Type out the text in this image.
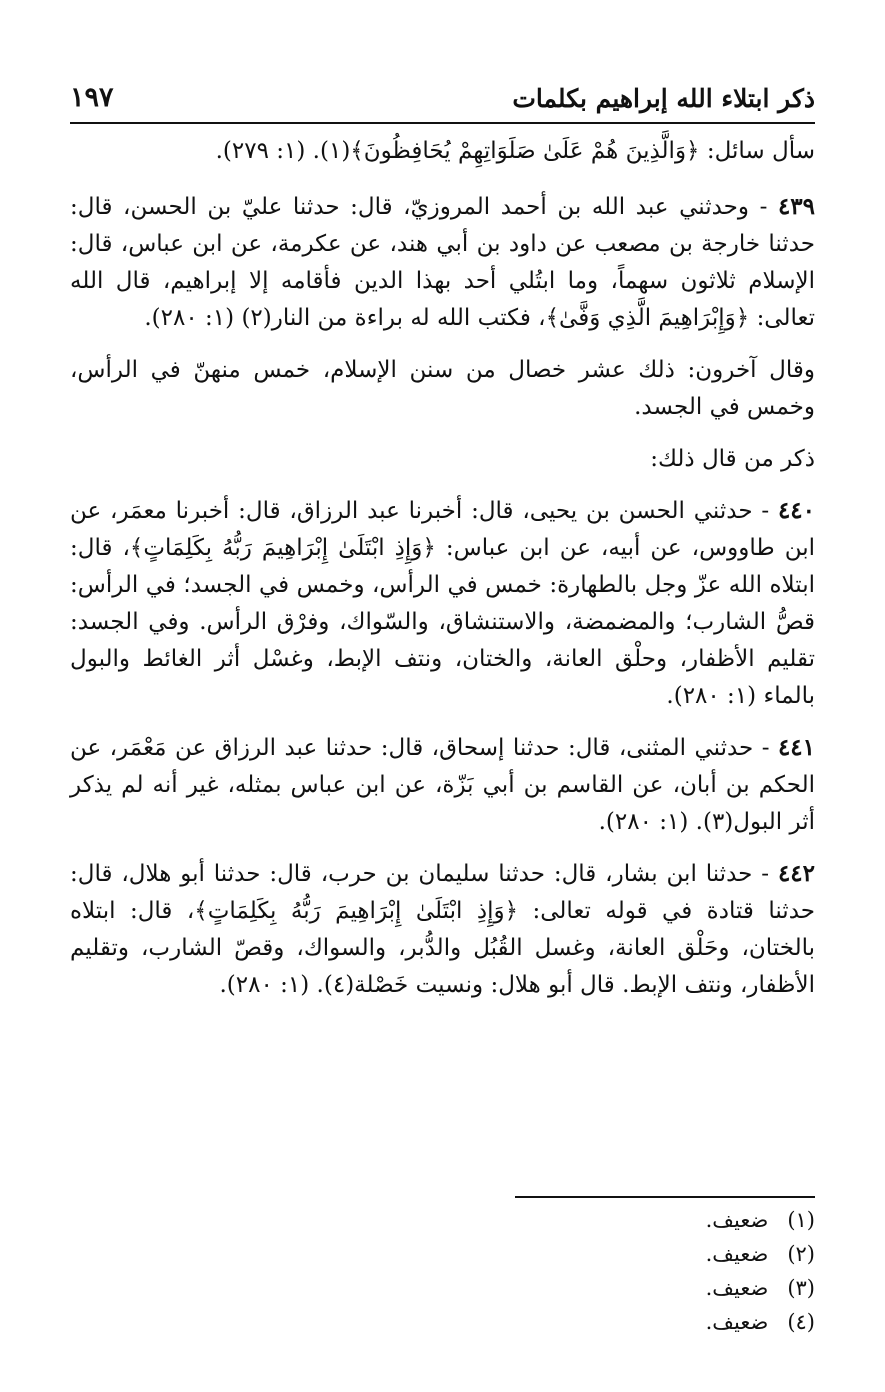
ذكر ابتلاء الله إبراهيم بكلمات
١٩٧

سأل سائل: ﴿وَالَّذِينَ هُمْ عَلَىٰ صَلَوَاتِهِمْ يُحَافِظُونَ﴾(١). (١: ٢٧٩).

٤٣٩ - وحدثني عبد الله بن أحمد المروزيّ، قال: حدثنا عليّ بن الحسن، قال: حدثنا خارجة بن مصعب عن داود بن أبي هند، عن عكرمة، عن ابن عباس، قال: الإسلام ثلاثون سهماً، وما ابتُلي أحد بهذا الدين فأقامه إلا إبراهيم، قال الله تعالى: ﴿وَإِبْرَاهِيمَ الَّذِي وَفَّىٰ﴾، فكتب الله له براءة من النار(٢) (١: ٢٨٠).

وقال آخرون: ذلك عشر خصال من سنن الإسلام، خمس منهنّ في الرأس، وخمس في الجسد.

ذكر من قال ذلك:

٤٤٠ - حدثني الحسن بن يحيى، قال: أخبرنا عبد الرزاق، قال: أخبرنا معمَر، عن ابن طاووس، عن أبيه، عن ابن عباس: ﴿وَإِذِ ابْتَلَىٰ إِبْرَاهِيمَ رَبُّهُ بِكَلِمَاتٍ﴾، قال: ابتلاه الله عزّ وجل بالطهارة: خمس في الرأس، وخمس في الجسد؛ في الرأس: قصُّ الشارب؛ والمضمضة، والاستنشاق، والسّواك، وفرْق الرأس. وفي الجسد: تقليم الأظفار، وحلْق العانة، والختان، ونتف الإبط، وغسْل أثر الغائط والبول بالماء (١: ٢٨٠).

٤٤١ - حدثني المثنى، قال: حدثنا إسحاق، قال: حدثنا عبد الرزاق عن مَعْمَر، عن الحكم بن أبان، عن القاسم بن أبي بَزّة، عن ابن عباس بمثله، غير أنه لم يذكر أثر البول(٣). (١: ٢٨٠).

٤٤٢ - حدثنا ابن بشار، قال: حدثنا سليمان بن حرب، قال: حدثنا أبو هلال، قال: حدثنا قتادة في قوله تعالى: ﴿وَإِذِ ابْتَلَىٰ إِبْرَاهِيمَ رَبُّهُ بِكَلِمَاتٍ﴾، قال: ابتلاه بالختان، وحَلْق العانة، وغسل القُبُل والدُّبر، والسواك، وقصّ الشارب، وتقليم الأظفار، ونتف الإبط. قال أبو هلال: ونسيت خَصْلة(٤). (١: ٢٨٠).

(١) ضعيف.
(٢) ضعيف.
(٣) ضعيف.
(٤) ضعيف.
